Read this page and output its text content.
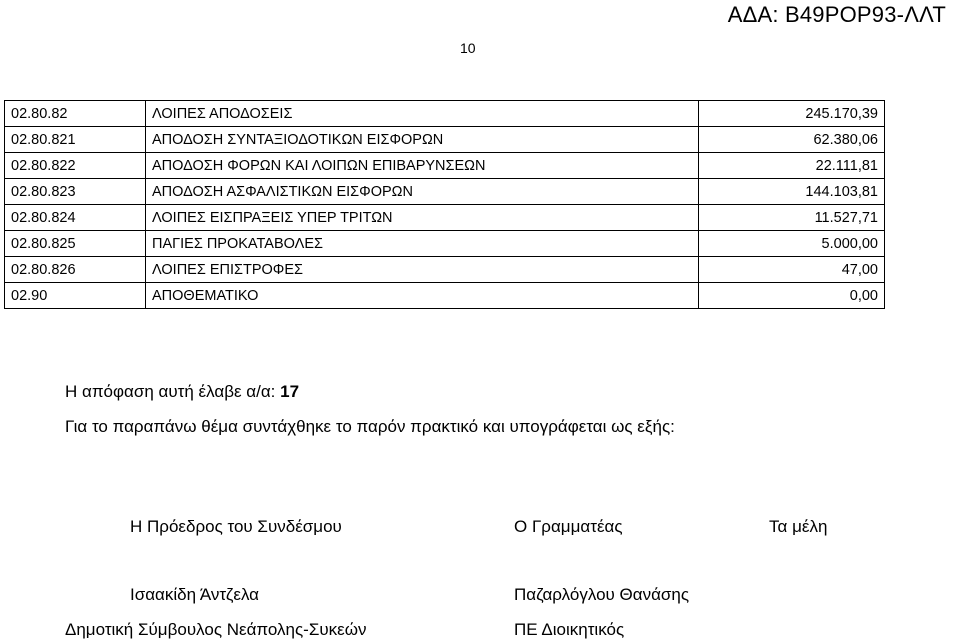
ΑΔΑ: Β49ΡΟΡ93-ΛΛΤ
10
02.80.82	ΛΟΙΠΕΣ ΑΠΟΔΟΣΕΙΣ	245.170,39
02.80.821	ΑΠΟΔΟΣΗ ΣΥΝΤΑΞΙΟΔΟΤΙΚΩΝ ΕΙΣΦΟΡΩΝ	62.380,06
02.80.822	ΑΠΟΔΟΣΗ ΦΟΡΩΝ ΚΑΙ ΛΟΙΠΩΝ ΕΠΙΒΑΡΥΝΣΕΩΝ	22.111,81
02.80.823	ΑΠΟΔΟΣΗ ΑΣΦΑΛΙΣΤΙΚΩΝ ΕΙΣΦΟΡΩΝ	144.103,81
02.80.824	ΛΟΙΠΕΣ ΕΙΣΠΡΑΞΕΙΣ ΥΠΕΡ ΤΡΙΤΩΝ	11.527,71
02.80.825	ΠΑΓΙΕΣ ΠΡΟΚΑΤΑΒΟΛΕΣ	5.000,00
02.80.826	ΛΟΙΠΕΣ ΕΠΙΣΤΡΟΦΕΣ	47,00
02.90	ΑΠΟΘΕΜΑΤΙΚΟ	0,00
Η απόφαση αυτή έλαβε α/α: 17
Για το παραπάνω θέμα συντάχθηκε το παρόν πρακτικό και υπογράφεται ως εξής:
Η Πρόεδρος του Συνδέσμου	Ο Γραμματέας	Τα μέλη
Ισαακίδη Άντζελα	Παζαρλόγλου Θανάσης
Δημοτική Σύμβουλος Νεάπολης-Συκεών	ΠΕ Διοικητικός
